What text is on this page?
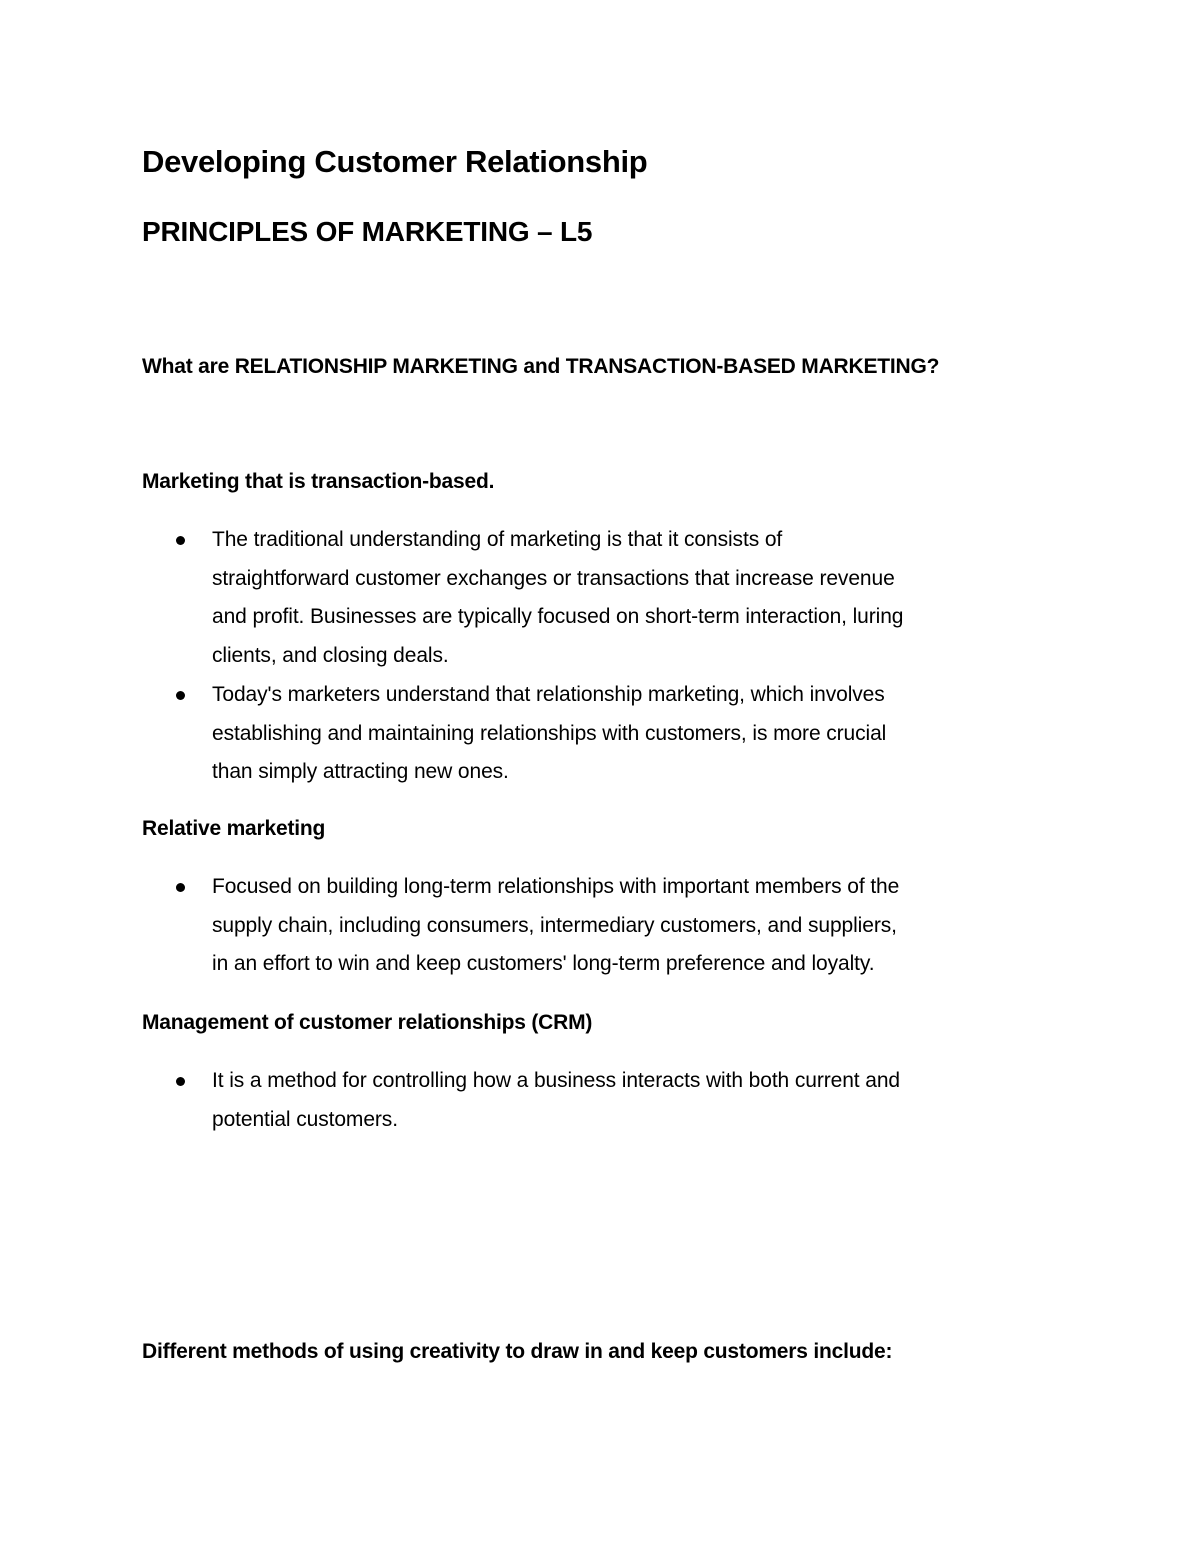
Developing Customer Relationship
PRINCIPLES OF MARKETING – L5

What are RELATIONSHIP MARKETING and TRANSACTION-BASED MARKETING?

Marketing that is transaction-based.

The traditional understanding of marketing is that it consists of
straightforward customer exchanges or transactions that increase revenue
and profit. Businesses are typically focused on short-term interaction, luring
clients, and closing deals.
Today's marketers understand that relationship marketing, which involves
establishing and maintaining relationships with customers, is more crucial
than simply attracting new ones.

Relative marketing

Focused on building long-term relationships with important members of the
supply chain, including consumers, intermediary customers, and suppliers,
in an effort to win and keep customers' long-term preference and loyalty.

Management of customer relationships (CRM)

It is a method for controlling how a business interacts with both current and
potential customers.

Different methods of using creativity to draw in and keep customers include:
